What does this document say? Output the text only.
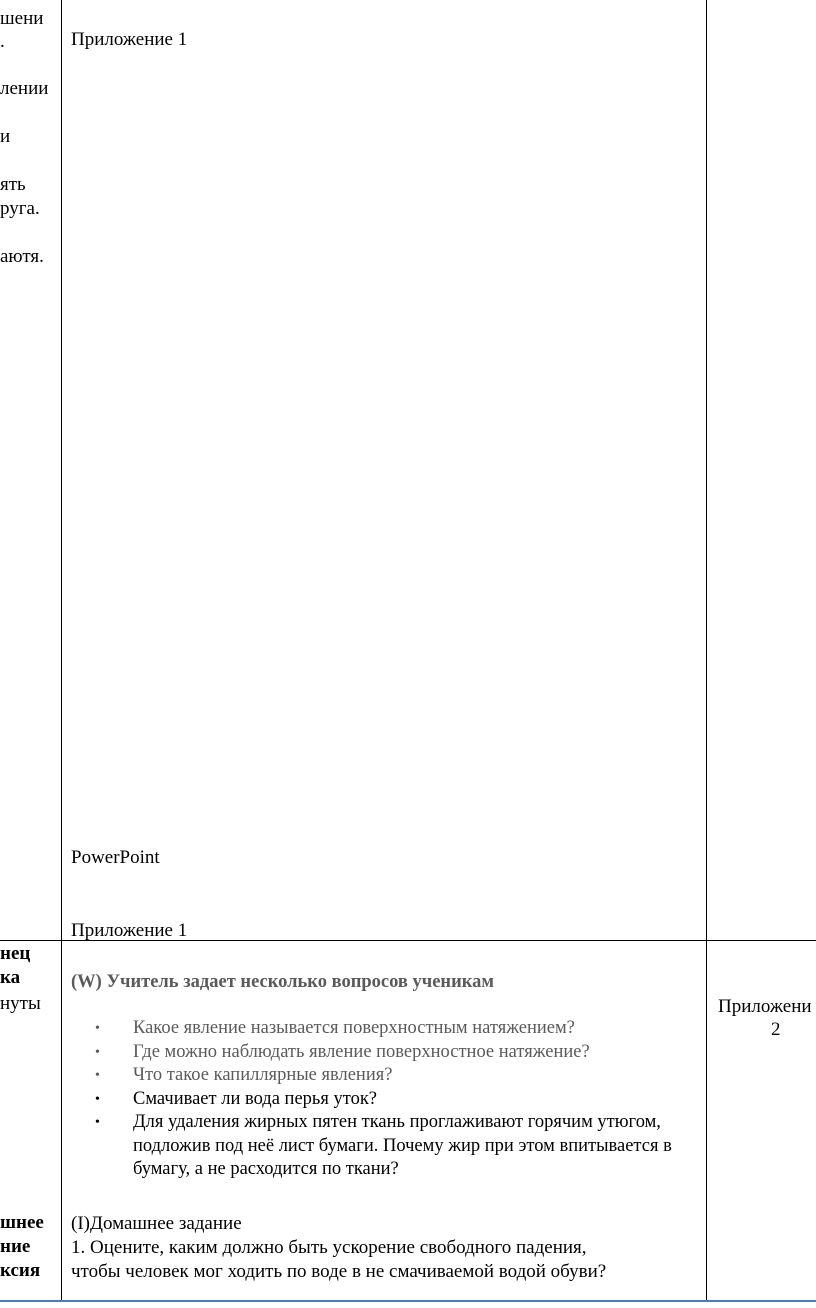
шени
.
лении
и
ять
руга.
аютя.
нец
ка
нуты
шнее
ние
ксия
Приложение 1
PowerPoint
Приложение 1
(W) Учитель задает несколько вопросов ученикам
• Какое явление называется поверхностным натяжением?
• Где можно наблюдать явление поверхностное натяжение?
• Что такое капиллярные явления?
• Смачивает ли вода перья уток?
• Для удаления жирных пятен ткань проглаживают горячим утюгом, подложив под неё лист бумаги. Почему жир при этом впитывается в бумагу, а не расходится по ткани?
(I)Домашнее задание
1. Оцените, каким должно быть ускорение свободного падения,
чтобы человек мог ходить по воде в не смачиваемой водой обуви?
Приложени
2
